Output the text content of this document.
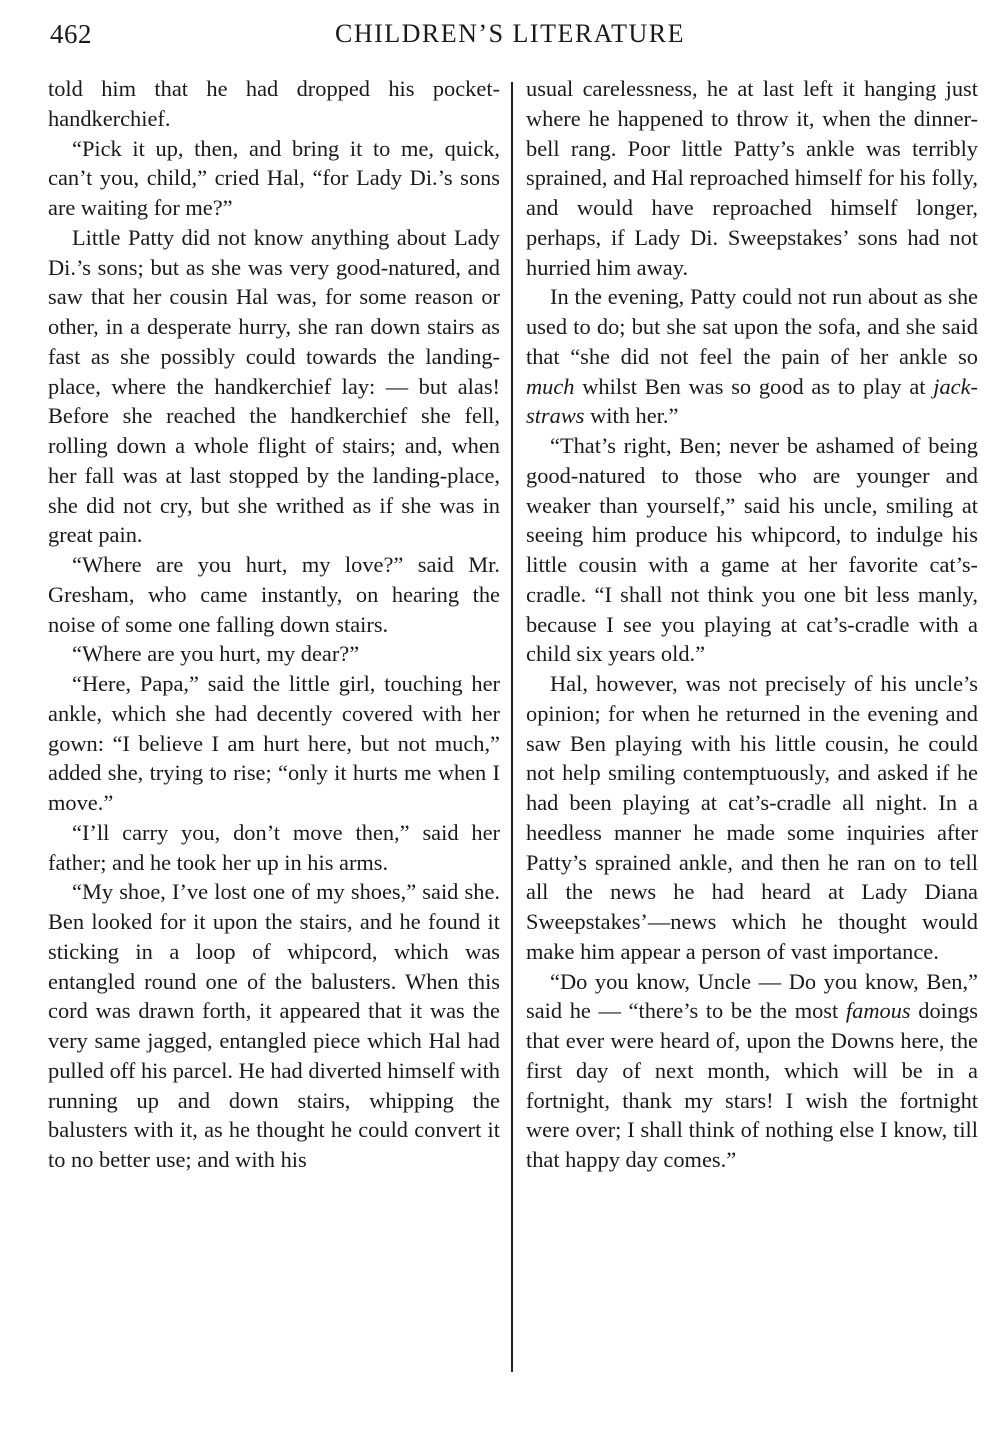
462	CHILDREN’S LITERATURE

told him that he had dropped his pocket-handkerchief.

“Pick it up, then, and bring it to me, quick, can’t you, child,” cried Hal, “for Lady Di.’s sons are waiting for me?”

Little Patty did not know anything about Lady Di.’s sons; but as she was very good-natured, and saw that her cousin Hal was, for some reason or other, in a desperate hurry, she ran down stairs as fast as she possibly could towards the landing-place, where the handkerchief lay: — but alas! Before she reached the handkerchief she fell, rolling down a whole flight of stairs; and, when her fall was at last stopped by the landing-place, she did not cry, but she writhed as if she was in great pain.

“Where are you hurt, my love?” said Mr. Gresham, who came instantly, on hearing the noise of some one falling down stairs.

“Where are you hurt, my dear?”

“Here, Papa,” said the little girl, touching her ankle, which she had decently covered with her gown: “I believe I am hurt here, but not much,” added she, trying to rise; “only it hurts me when I move.”

“I’ll carry you, don’t move then,” said her father; and he took her up in his arms.

“My shoe, I’ve lost one of my shoes,” said she. Ben looked for it upon the stairs, and he found it sticking in a loop of whipcord, which was entangled round one of the balusters. When this cord was drawn forth, it appeared that it was the very same jagged, entangled piece which Hal had pulled off his parcel. He had diverted himself with running up and down stairs, whipping the balusters with it, as he thought he could convert it to no better use; and with his

usual carelessness, he at last left it hanging just where he happened to throw it, when the dinner-bell rang. Poor little Patty’s ankle was terribly sprained, and Hal reproached himself for his folly, and would have reproached himself longer, perhaps, if Lady Di. Sweepstakes’ sons had not hurried him away.

In the evening, Patty could not run about as she used to do; but she sat upon the sofa, and she said that “she did not feel the pain of her ankle so much whilst Ben was so good as to play at jack-straws with her.”

“That’s right, Ben; never be ashamed of being good-natured to those who are younger and weaker than yourself,” said his uncle, smiling at seeing him produce his whipcord, to indulge his little cousin with a game at her favorite cat’s-cradle. “I shall not think you one bit less manly, because I see you playing at cat’s-cradle with a child six years old.”

Hal, however, was not precisely of his uncle’s opinion; for when he returned in the evening and saw Ben playing with his little cousin, he could not help smiling contemptuously, and asked if he had been playing at cat’s-cradle all night. In a heedless manner he made some inquiries after Patty’s sprained ankle, and then he ran on to tell all the news he had heard at Lady Diana Sweepstakes’—news which he thought would make him appear a person of vast importance.

“Do you know, Uncle — Do you know, Ben,” said he — “there’s to be the most famous doings that ever were heard of, upon the Downs here, the first day of next month, which will be in a fortnight, thank my stars! I wish the fortnight were over; I shall think of nothing else I know, till that happy day comes.”
